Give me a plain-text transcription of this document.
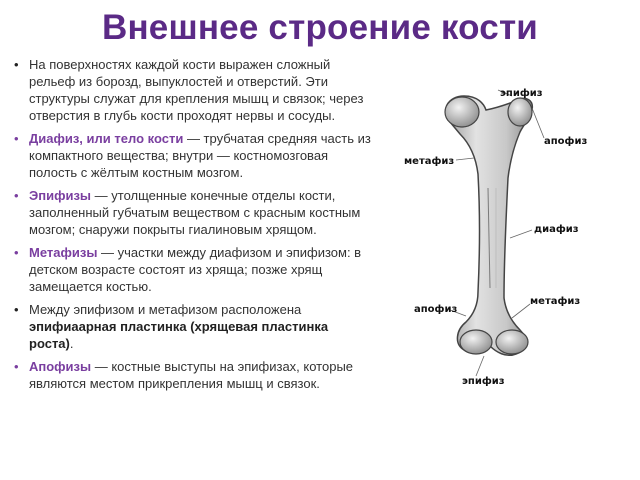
Внешнее строение кости
• На поверхностях каждой кости выражен сложный рельеф из борозд, выпуклостей и отверстий. Эти структуры служат для крепления мышц и связок; через отверстия в глубь кости проходят нервы и сосуды.
• Диафиз, или тело кости — трубчатая средняя часть из компактного вещества; внутри — костномозговая полость с жёлтым костным мозгом.
• Эпифизы — утолщенные конечные отделы кости, заполненный губчатым веществом с красным костным мозгом; снаружи покрыты гиалиновым хрящом.
• Метафизы — участки между диафизом и эпифизом: в детском возрасте состоят из хряща; позже хрящ замещается костью.
• Между эпифизом и метафизом расположена эпифиаарная пластинка (хрящевая пластинка роста).
• Апофизы — костные выступы на эпифизах, которые являются местом прикрепления мышц и связок.
эпифиз
апофиз
метафиз
диафиз
апофиз
метафиз
эпифиз
